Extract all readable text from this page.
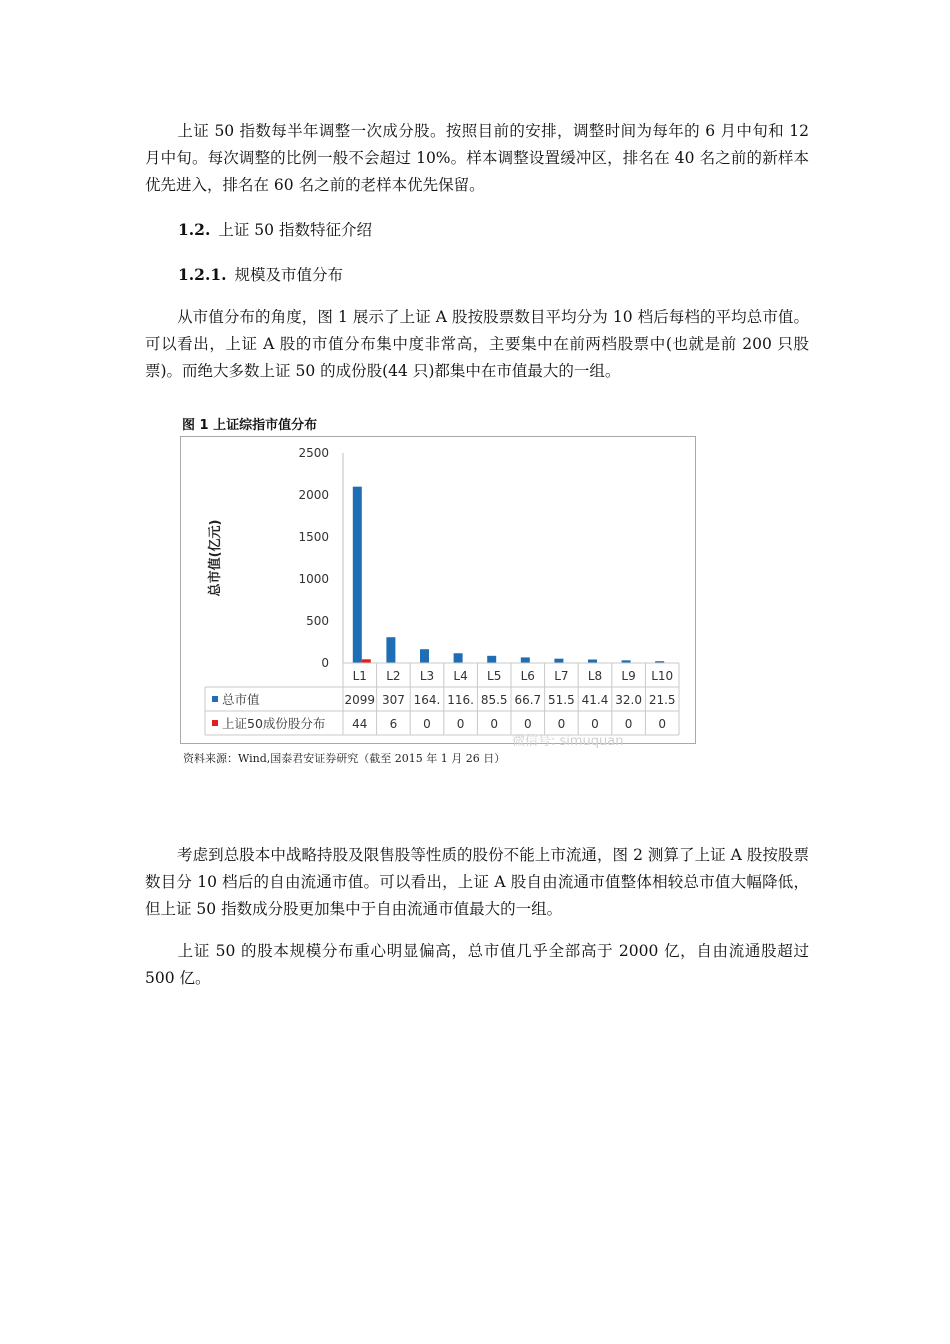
上证 50 指数每半年调整一次成分股。按照目前的安排，调整时间为每年的 6 月中旬和 12 月中旬。每次调整的比例一般不会超过 10%。样本调整设置缓冲区，排名在 40 名之前的新样本优先进入，排名在 60 名之前的老样本优先保留。

1.2. 上证 50 指数特征介绍

1.2.1. 规模及市值分布

从市值分布的角度，图 1 展示了上证 A 股按股票数目平均分为 10 档后每档的平均总市值。可以看出，上证 A 股的市值分布集中度非常高，主要集中在前两档股票中(也就是前 200 只股票)。而绝大多数上证 50 的成份股(44 只)都集中在市值最大的一组。

图 1 上证综指市值分布
0
500
1000
1500
2000
2500
总市值(亿元)
L1 L2 L3 L4 L5 L6 L7 L8 L9 L10
总市值	2099 307 164. 116. 85.5 66.7 51.5 41.4 32.0 21.5
上证50成份股分布 44 6 0 0 0 0 0 0 0 0
微信号: simuquan
资料来源：Wind,国泰君安证券研究（截至 2015 年 1 月 26 日）

考虑到总股本中战略持股及限售股等性质的股份不能上市流通，图 2 测算了上证 A 股按股票数目分 10 档后的自由流通市值。可以看出，上证 A 股自由流通市值整体相较总市值大幅降低，但上证 50 指数成分股更加集中于自由流通市值最大的一组。

上证 50 的股本规模分布重心明显偏高，总市值几乎全部高于 2000 亿，自由流通股超过 500 亿。
